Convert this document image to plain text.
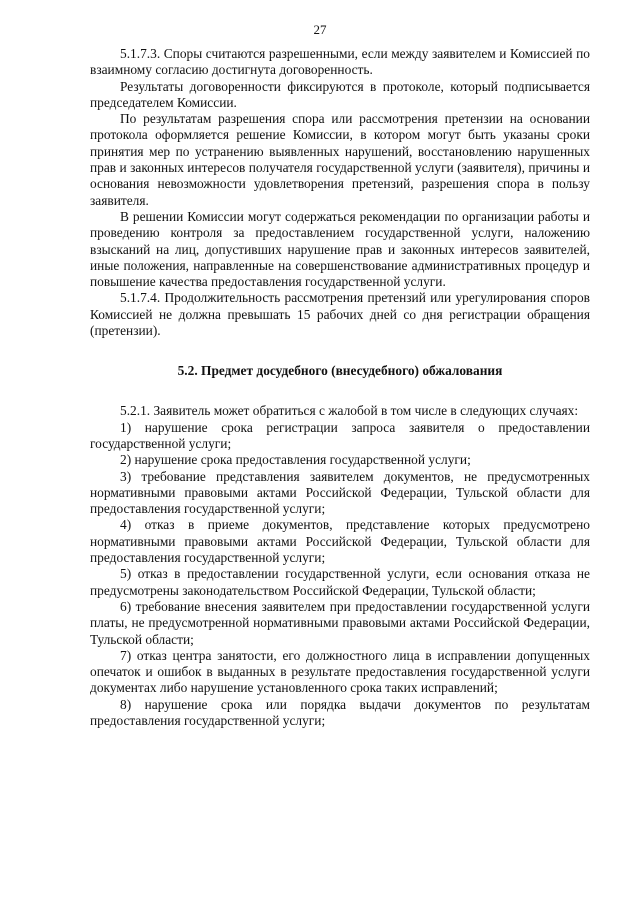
27

5.1.7.3. Споры считаются разрешенными, если между заявителем и Комиссией по взаимному согласию достигнута договоренность.

Результаты договоренности фиксируются в протоколе, который подписывается председателем Комиссии.

По результатам разрешения спора или рассмотрения претензии на основании протокола оформляется решение Комиссии, в котором могут быть указаны сроки принятия мер по устранению выявленных нарушений, восстановлению нарушенных прав и законных интересов получателя государственной услуги (заявителя), причины и основания невозможности удовлетворения претензий, разрешения спора в пользу заявителя.

В решении Комиссии могут содержаться рекомендации по организации работы и проведению контроля за предоставлением государственной услуги, наложению взысканий на лиц, допустивших нарушение прав и законных интересов заявителей, иные положения, направленные на совершенствование административных процедур и повышение качества предоставления государственной услуги.

5.1.7.4. Продолжительность рассмотрения претензий или урегулирования споров Комиссией не должна превышать 15 рабочих дней со дня регистрации обращения (претензии).

5.2. Предмет досудебного (внесудебного) обжалования

5.2.1. Заявитель может обратиться с жалобой в том числе в следующих случаях:

1) нарушение срока регистрации запроса заявителя о предоставлении государственной услуги;

2) нарушение срока предоставления государственной услуги;

3) требование представления заявителем документов, не предусмотренных нормативными правовыми актами Российской Федерации, Тульской области для предоставления государственной услуги;

4) отказ в приеме документов, представление которых предусмотрено нормативными правовыми актами Российской Федерации, Тульской области для предоставления государственной услуги;

5) отказ в предоставлении государственной услуги, если основания отказа не предусмотрены законодательством Российской Федерации, Тульской области;

6) требование внесения заявителем при предоставлении государственной услуги платы, не предусмотренной нормативными правовыми актами Российской Федерации, Тульской области;

7) отказ центра занятости, его должностного лица в исправлении допущенных опечаток и ошибок в выданных в результате предоставления государственной услуги документах либо нарушение установленного срока таких исправлений;

8) нарушение срока или порядка выдачи документов по результатам предоставления государственной услуги;
